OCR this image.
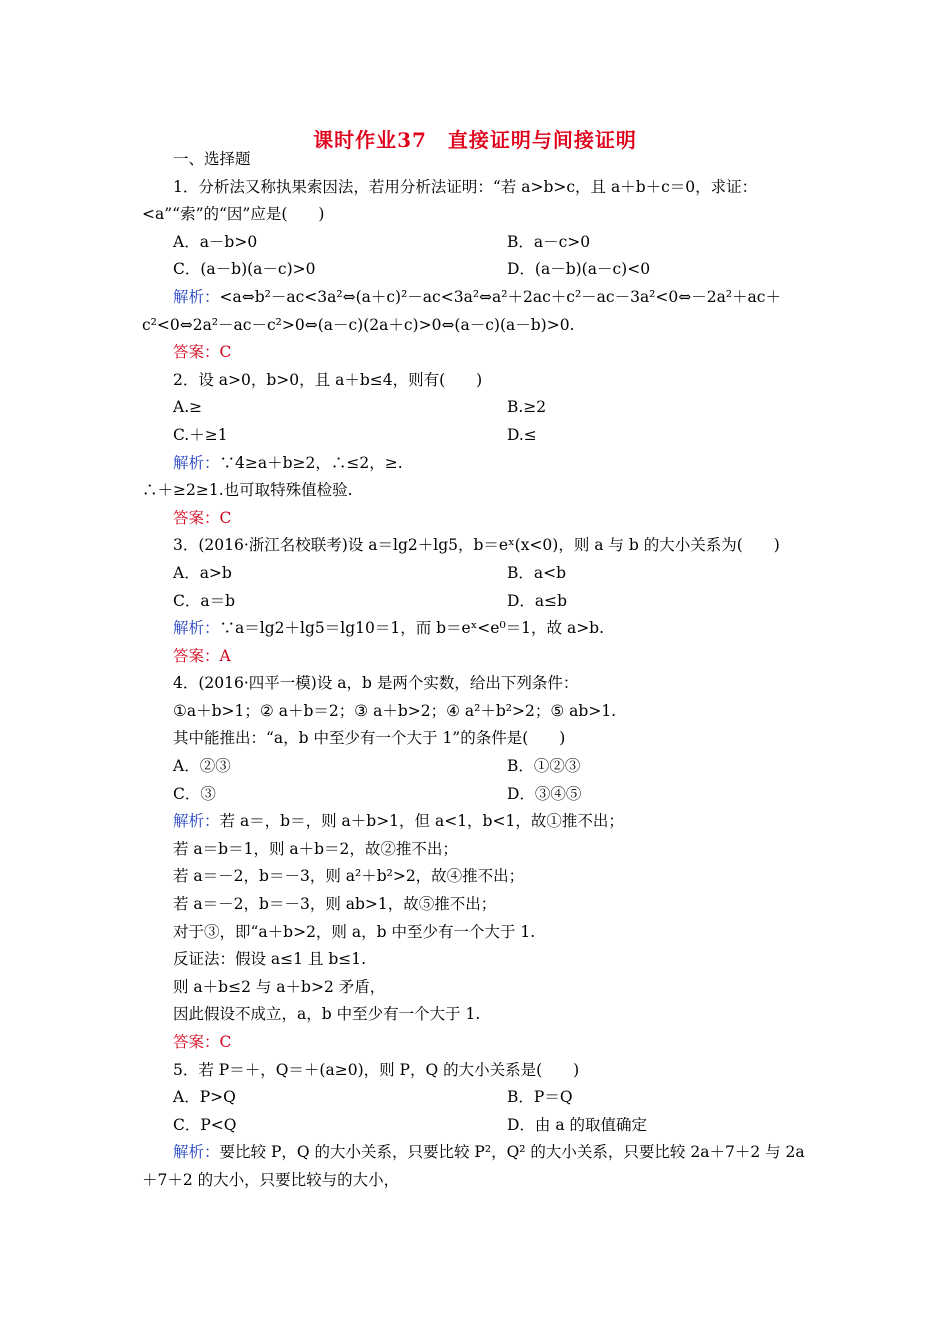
课时作业37　直接证明与间接证明
一、选择题
1．分析法又称执果索因法，若用分析法证明：“若 a>b>c，且 a＋b＋c＝0，求证：
<a”“索”的“因”应是(　　)
A．a－b>0	B．a－c>0
C．(a－b)(a－c)>0	D．(a－b)(a－c)<0
解析：<a⇔b²－ac<3a²⇔(a＋c)²－ac<3a²⇔a²＋2ac＋c²－ac－3a²<0⇔－2a²＋ac＋
c²<0⇔2a²－ac－c²>0⇔(a－c)(2a＋c)>0⇔(a－c)(a－b)>0.
答案：C
2．设 a>0，b>0，且 a＋b≤4，则有(　　)
A.≥	B.≥2
C.＋≥1	D.≤
解析：∵4≥a＋b≥2，∴≤2，≥.
∴＋≥2≥1.也可取特殊值检验.
答案：C
3．(2016·浙江名校联考)设 a＝lg2＋lg5，b＝eˣ(x<0)，则 a 与 b 的大小关系为(　　)
A．a>b	B．a<b
C．a＝b	D．a≤b
解析：∵a＝lg2＋lg5＝lg10＝1，而 b＝eˣ<e⁰＝1，故 a>b.
答案：A
4．(2016·四平一模)设 a，b 是两个实数，给出下列条件：
①a＋b>1；② a＋b＝2；③ a＋b>2；④ a²＋b²>2；⑤ ab>1.
其中能推出：“a，b 中至少有一个大于 1”的条件是(　　)
A．②③	B．①②③
C．③	D．③④⑤
解析：若 a＝，b＝，则 a＋b>1，但 a<1，b<1，故①推不出；
若 a＝b＝1，则 a＋b＝2，故②推不出；
若 a＝－2，b＝－3，则 a²＋b²>2，故④推不出；
若 a＝－2，b＝－3，则 ab>1，故⑤推不出；
对于③，即“a＋b>2，则 a，b 中至少有一个大于 1.
反证法：假设 a≤1 且 b≤1.
则 a＋b≤2 与 a＋b>2 矛盾，
因此假设不成立，a，b 中至少有一个大于 1.
答案：C
5．若 P＝＋，Q＝＋(a≥0)，则 P，Q 的大小关系是(　　)
A．P>Q	B．P＝Q
C．P<Q	D．由 a 的取值确定
解析：要比较 P，Q 的大小关系，只要比较 P²，Q² 的大小关系，只要比较 2a＋7＋2 与 2a
＋7＋2 的大小，只要比较与的大小，
